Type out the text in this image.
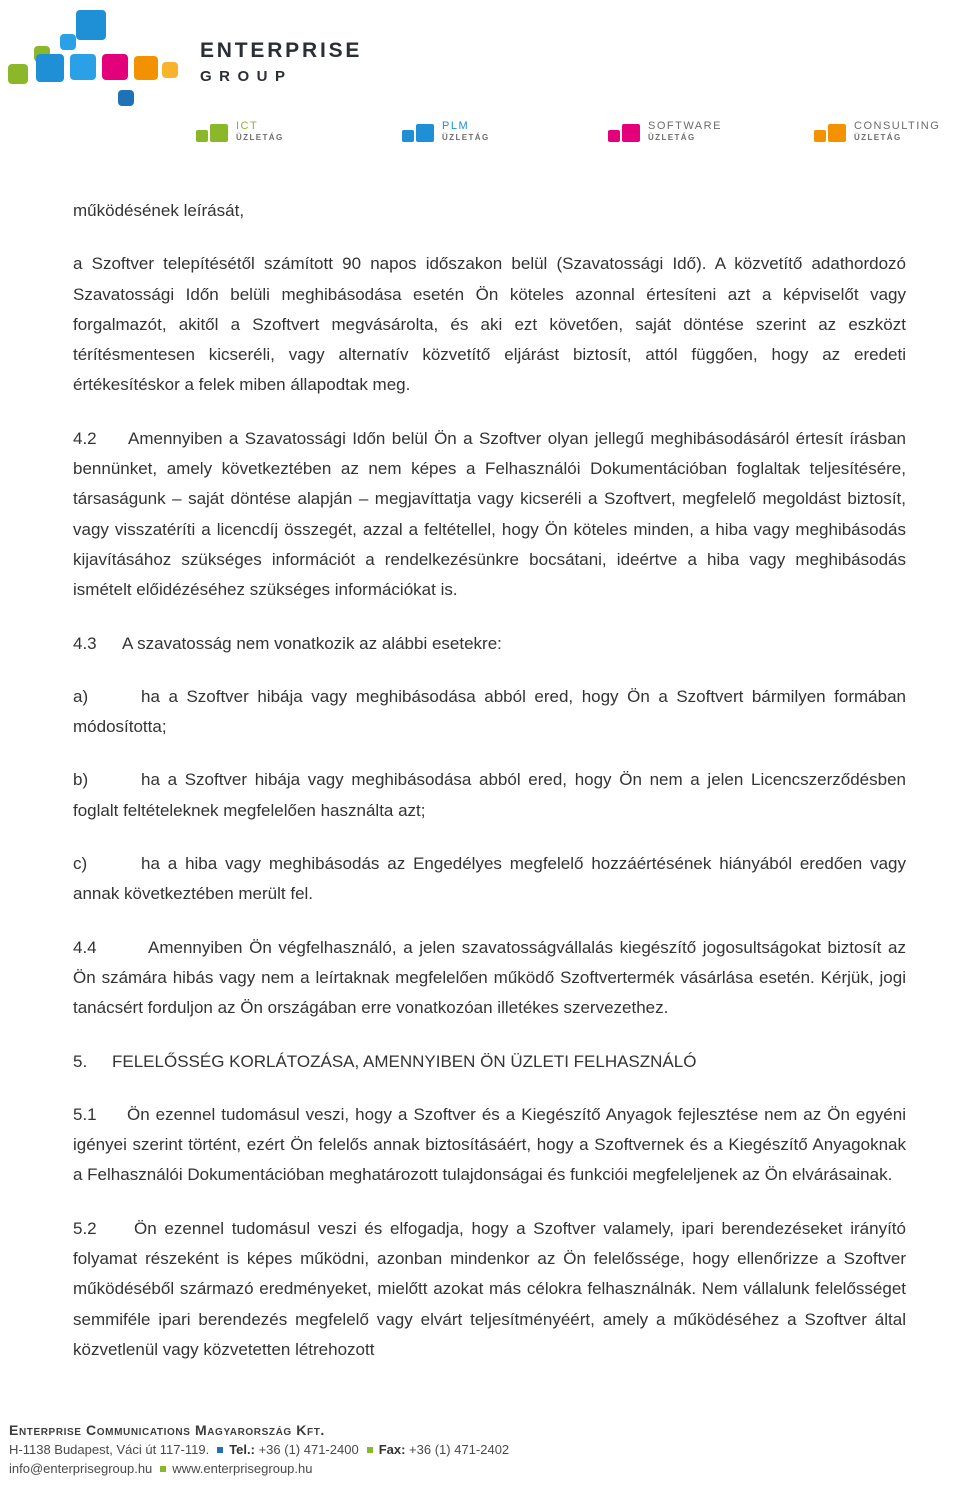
ENTERPRISE
GROUP
ICT
ÜZLETÁG
PLM
ÜZLETÁG
SOFTWARE
ÜZLETÁG
CONSULTING
ÜZLETÁG

működésének leírását,

a Szoftver telepítésétől számított 90 napos időszakon belül (Szavatossági Idő). A közvetítő adathordozó Szavatossági Időn belüli meghibásodása esetén Ön köteles azonnal értesíteni azt a képviselőt vagy forgalmazót, akitől a Szoftvert megvásárolta, és aki ezt követően, saját döntése szerint az eszközt térítésmentesen kicseréli, vagy alternatív közvetítő eljárást biztosít, attól függően, hogy az eredeti értékesítéskor a felek miben állapodtak meg.

4.2 Amennyiben a Szavatossági Időn belül Ön a Szoftver olyan jellegű meghibásodásáról értesít írásban bennünket, amely következtében az nem képes a Felhasználói Dokumentációban foglaltak teljesítésére, társaságunk – saját döntése alapján – megjavíttatja vagy kicseréli a Szoftvert, megfelelő megoldást biztosít, vagy visszatéríti a licencdíj összegét, azzal a feltétellel, hogy Ön köteles minden, a hiba vagy meghibásodás kijavításához szükséges információt a rendelkezésünkre bocsátani, ideértve a hiba vagy meghibásodás ismételt előidézéséhez szükséges információkat is.

4.3 A szavatosság nem vonatkozik az alábbi esetekre:

a)	ha a Szoftver hibája vagy meghibásodása abból ered, hogy Ön a Szoftvert bármilyen formában módosította;

b)	ha a Szoftver hibája vagy meghibásodása abból ered, hogy Ön nem a jelen Licencszerződésben foglalt feltételeknek megfelelően használta azt;

c)	ha a hiba vagy meghibásodás az Engedélyes megfelelő hozzáértésének hiányából eredően vagy annak következtében merült fel.

4.4	Amennyiben Ön végfelhasználó, a jelen szavatosságvállalás kiegészítő jogosultságokat biztosít az Ön számára hibás vagy nem a leírtaknak megfelelően működő Szoftvertermék vásárlása esetén. Kérjük, jogi tanácsért forduljon az Ön országában erre vonatkozóan illetékes szervezethez.

5. FELELŐSSÉG KORLÁTOZÁSA, AMENNYIBEN ÖN ÜZLETI FELHASZNÁLÓ

5.1 Ön ezennel tudomásul veszi, hogy a Szoftver és a Kiegészítő Anyagok fejlesztése nem az Ön egyéni igényei szerint történt, ezért Ön felelős annak biztosításáért, hogy a Szoftvernek és a Kiegészítő Anyagoknak a Felhasználói Dokumentációban meghatározott tulajdonságai és funkciói megfeleljenek az Ön elvárásainak.

5.2 Ön ezennel tudomásul veszi és elfogadja, hogy a Szoftver valamely, ipari berendezéseket irányító folyamat részeként is képes működni, azonban mindenkor az Ön felelőssége, hogy ellenőrizze a Szoftver működéséből származó eredményeket, mielőtt azokat más célokra felhasználnák. Nem vállalunk felelősséget semmiféle ipari berendezés megfelelő vagy elvárt teljesítményéért, amely a működéséhez a Szoftver által közvetlenül vagy közvetetten létrehozott

Enterprise Communications Magyarország Kft.
H-1138 Budapest, Váci út 117-119. Tel.: +36 (1) 471-2400 Fax: +36 (1) 471-2402
info@enterprisegroup.hu www.enterprisegroup.hu
